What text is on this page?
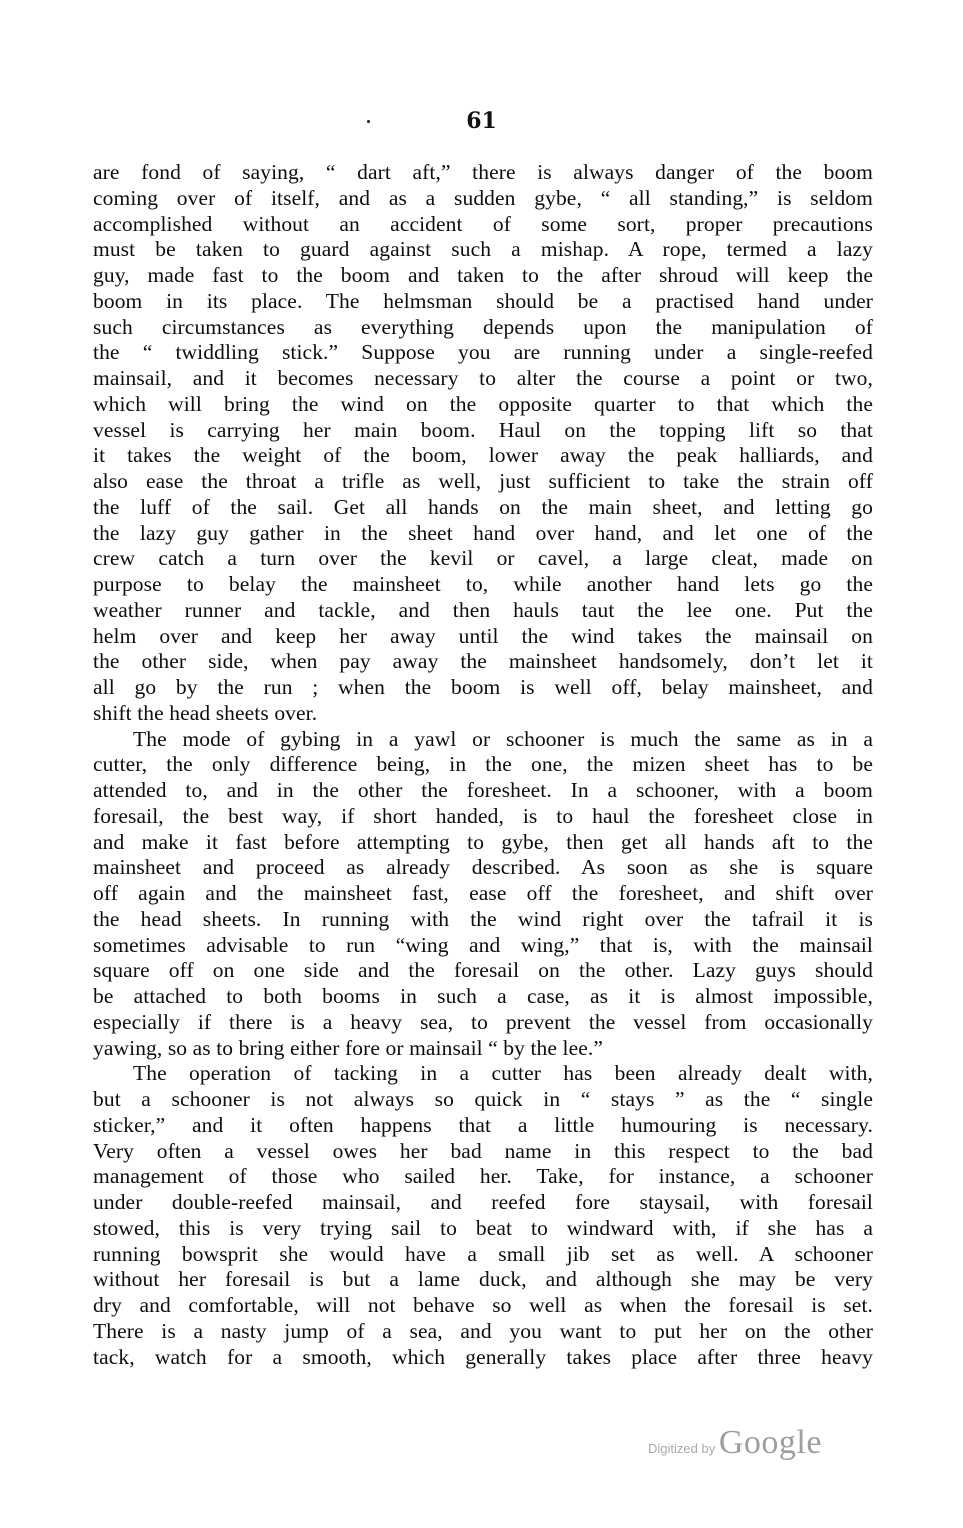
61
are fond of saying, “ dart aft,” there is always danger of the boom
coming over of itself, and as a sudden gybe, “ all standing,” is seldom
accomplished without an accident of some sort, proper precautions
must be taken to guard against such a mishap. A rope, termed a lazy
guy, made fast to the boom and taken to the after shroud will keep the
boom in its place. The helmsman should be a practised hand under
such circumstances as everything depends upon the manipulation of
the “ twiddling stick.” Suppose you are running under a single-reefed
mainsail, and it becomes necessary to alter the course a point or two,
which will bring the wind on the opposite quarter to that which the
vessel is carrying her main boom. Haul on the topping lift so that
it takes the weight of the boom, lower away the peak halliards, and
also ease the throat a trifle as well, just sufficient to take the strain off
the luff of the sail. Get all hands on the main sheet, and letting go
the lazy guy gather in the sheet hand over hand, and let one of the
crew catch a turn over the kevil or cavel, a large cleat, made on
purpose to belay the mainsheet to, while another hand lets go the
weather runner and tackle, and then hauls taut the lee one. Put the
helm over and keep her away until the wind takes the mainsail on
the other side, when pay away the mainsheet handsomely, don’t let it
all go by the run ; when the boom is well off, belay mainsheet, and
shift the head sheets over.
The mode of gybing in a yawl or schooner is much the same as in a
cutter, the only difference being, in the one, the mizen sheet has to be
attended to, and in the other the foresheet. In a schooner, with a boom
foresail, the best way, if short handed, is to haul the foresheet close in
and make it fast before attempting to gybe, then get all hands aft to the
mainsheet and proceed as already described. As soon as she is square
off again and the mainsheet fast, ease off the foresheet, and shift over
the head sheets. In running with the wind right over the tafrail it is
sometimes advisable to run “wing and wing,” that is, with the mainsail
square off on one side and the foresail on the other. Lazy guys should
be attached to both booms in such a case, as it is almost impossible,
especially if there is a heavy sea, to prevent the vessel from occasionally
yawing, so as to bring either fore or mainsail “ by the lee.”
The operation of tacking in a cutter has been already dealt with,
but a schooner is not always so quick in “ stays ” as the “ single
sticker,” and it often happens that a little humouring is necessary.
Very often a vessel owes her bad name in this respect to the bad
management of those who sailed her. Take, for instance, a schooner
under double-reefed mainsail, and reefed fore staysail, with foresail
stowed, this is very trying sail to beat to windward with, if she has a
running bowsprit she would have a small jib set as well. A schooner
without her foresail is but a lame duck, and although she may be very
dry and comfortable, will not behave so well as when the foresail is set.
There is a nasty jump of a sea, and you want to put her on the other
tack, watch for a smooth, which generally takes place after three heavy
Digitized by Google
